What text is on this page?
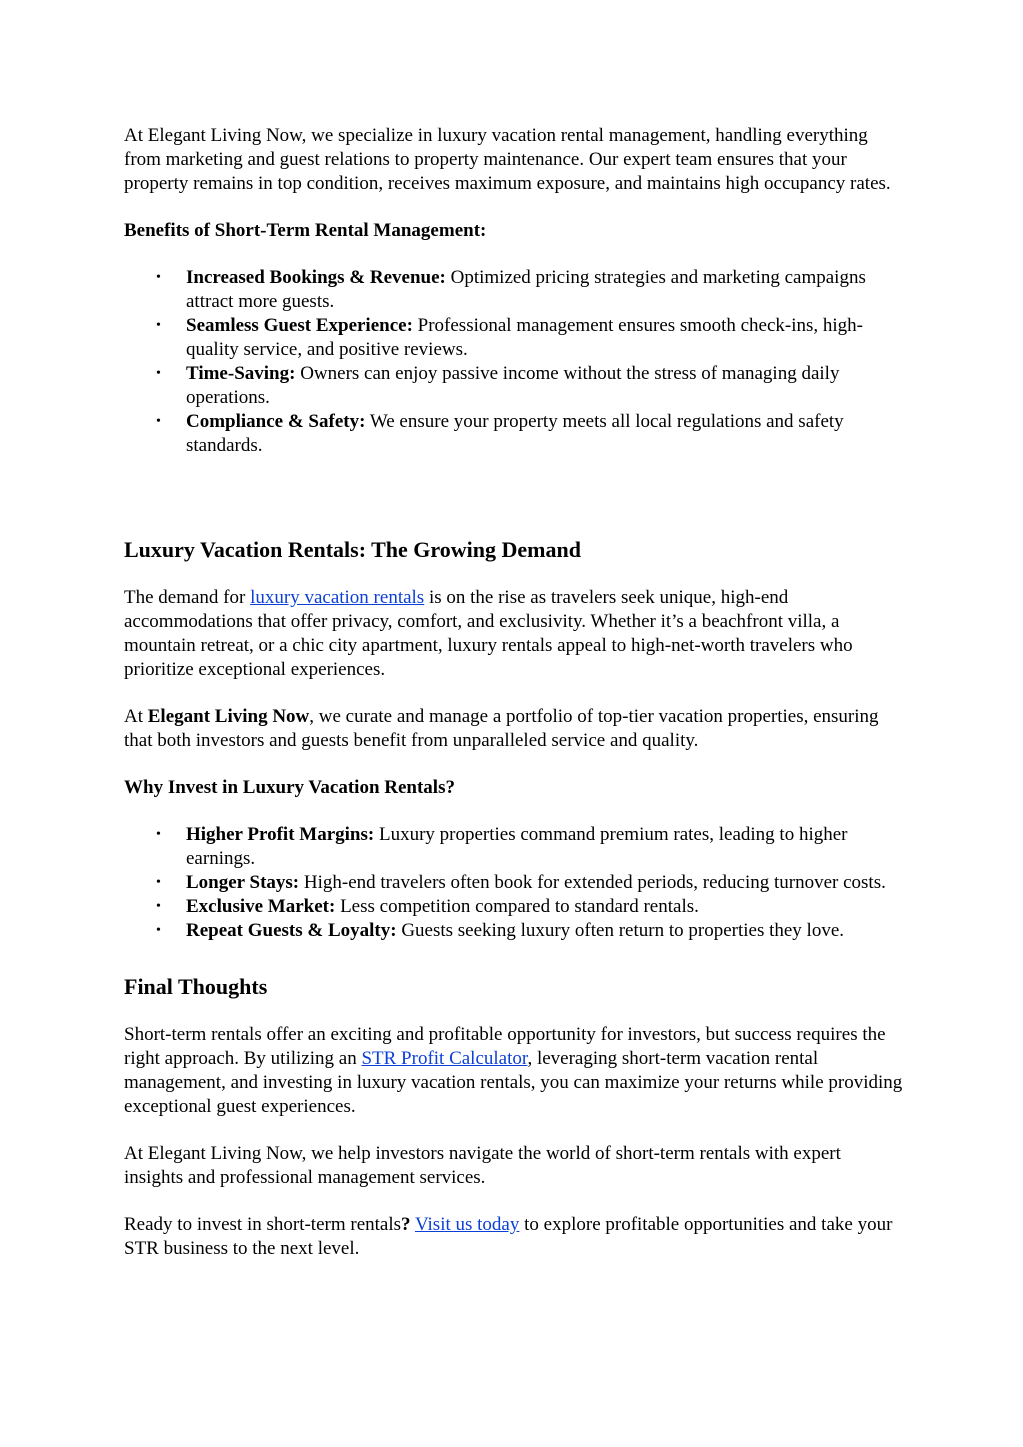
At Elegant Living Now, we specialize in luxury vacation rental management, handling everything from marketing and guest relations to property maintenance. Our expert team ensures that your property remains in top condition, receives maximum exposure, and maintains high occupancy rates.

Benefits of Short-Term Rental Management:
• Increased Bookings & Revenue: Optimized pricing strategies and marketing campaigns attract more guests.
• Seamless Guest Experience: Professional management ensures smooth check-ins, high-quality service, and positive reviews.
• Time-Saving: Owners can enjoy passive income without the stress of managing daily operations.
• Compliance & Safety: We ensure your property meets all local regulations and safety standards.
Luxury Vacation Rentals: The Growing Demand

The demand for luxury vacation rentals is on the rise as travelers seek unique, high-end accommodations that offer privacy, comfort, and exclusivity. Whether it’s a beachfront villa, a mountain retreat, or a chic city apartment, luxury rentals appeal to high-net-worth travelers who prioritize exceptional experiences.

At Elegant Living Now, we curate and manage a portfolio of top-tier vacation properties, ensuring that both investors and guests benefit from unparalleled service and quality.

Why Invest in Luxury Vacation Rentals?
• Higher Profit Margins: Luxury properties command premium rates, leading to higher earnings.
• Longer Stays: High-end travelers often book for extended periods, reducing turnover costs.
• Exclusive Market: Less competition compared to standard rentals.
• Repeat Guests & Loyalty: Guests seeking luxury often return to properties they love.
Final Thoughts

Short-term rentals offer an exciting and profitable opportunity for investors, but success requires the right approach. By utilizing an STR Profit Calculator, leveraging short-term vacation rental management, and investing in luxury vacation rentals, you can maximize your returns while providing exceptional guest experiences.

At Elegant Living Now, we help investors navigate the world of short-term rentals with expert insights and professional management services.

Ready to invest in short-term rentals? Visit us today to explore profitable opportunities and take your STR business to the next level.
